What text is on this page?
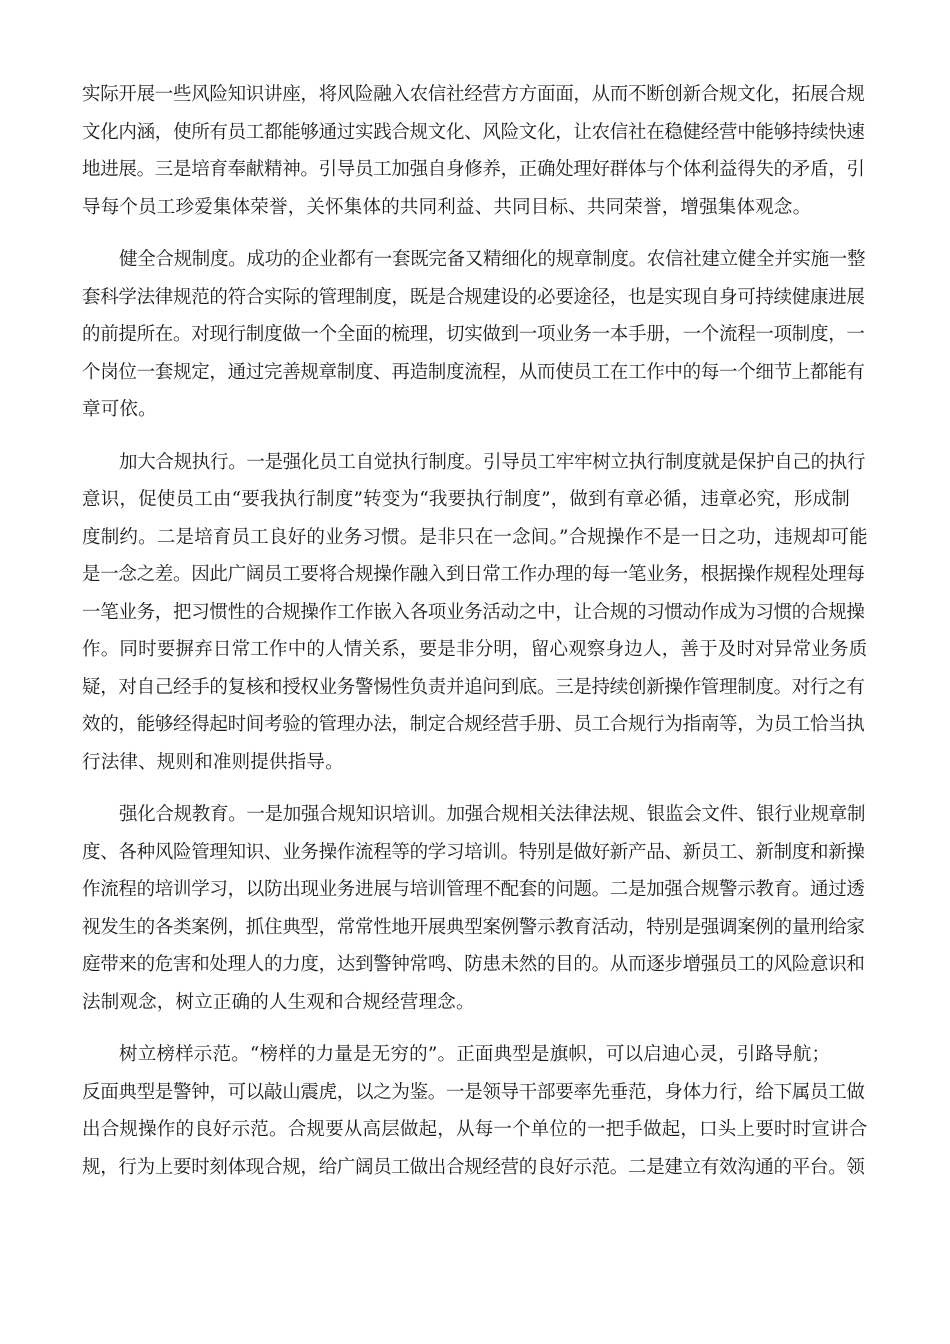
实际开展一些风险知识讲座，将风险融入农信社经营方方面面，从而不断创新合规文化，拓展合规
文化内涵，使所有员工都能够通过实践合规文化、风险文化，让农信社在稳健经营中能够持续快速
地进展。三是培育奉献精神。引导员工加强自身修养，正确处理好群体与个体利益得失的矛盾，引
导每个员工珍爱集体荣誉，关怀集体的共同利益、共同目标、共同荣誉，增强集体观念。

健全合规制度。成功的企业都有一套既完备又精细化的规章制度。农信社建立健全并实施一整
套科学法律规范的符合实际的管理制度，既是合规建设的必要途径，也是实现自身可持续健康进展
的前提所在。对现行制度做一个全面的梳理，切实做到一项业务一本手册，一个流程一项制度，一
个岗位一套规定，通过完善规章制度、再造制度流程，从而使员工在工作中的每一个细节上都能有
章可依。

加大合规执行。一是强化员工自觉执行制度。引导员工牢牢树立执行制度就是保护自己的执行
意识，促使员工由“要我执行制度”转变为“我要执行制度”，做到有章必循，违章必究，形成制
度制约。二是培育员工良好的业务习惯。是非只在一念间。”合规操作不是一日之功，违规却可能
是一念之差。因此广阔员工要将合规操作融入到日常工作办理的每一笔业务，根据操作规程处理每
一笔业务，把习惯性的合规操作工作嵌入各项业务活动之中，让合规的习惯动作成为习惯的合规操
作。同时要摒弃日常工作中的人情关系，要是非分明，留心观察身边人，善于及时对异常业务质
疑，对自己经手的复核和授权业务警惕性负责并追问到底。三是持续创新操作管理制度。对行之有
效的，能够经得起时间考验的管理办法，制定合规经营手册、员工合规行为指南等，为员工恰当执
行法律、规则和准则提供指导。

强化合规教育。一是加强合规知识培训。加强合规相关法律法规、银监会文件、银行业规章制
度、各种风险管理知识、业务操作流程等的学习培训。特别是做好新产品、新员工、新制度和新操
作流程的培训学习，以防出现业务进展与培训管理不配套的问题。二是加强合规警示教育。通过透
视发生的各类案例，抓住典型，常常性地开展典型案例警示教育活动，特别是强调案例的量刑给家
庭带来的危害和处理人的力度，达到警钟常鸣、防患未然的目的。从而逐步增强员工的风险意识和
法制观念，树立正确的人生观和合规经营理念。

树立榜样示范。“榜样的力量是无穷的”。正面典型是旗帜，可以启迪心灵，引路导航；
反面典型是警钟，可以敲山震虎，以之为鉴。一是领导干部要率先垂范，身体力行，给下属员工做
出合规操作的良好示范。合规要从高层做起，从每一个单位的一把手做起，口头上要时时宣讲合
规，行为上要时刻体现合规，给广阔员工做出合规经营的良好示范。二是建立有效沟通的平台。领
